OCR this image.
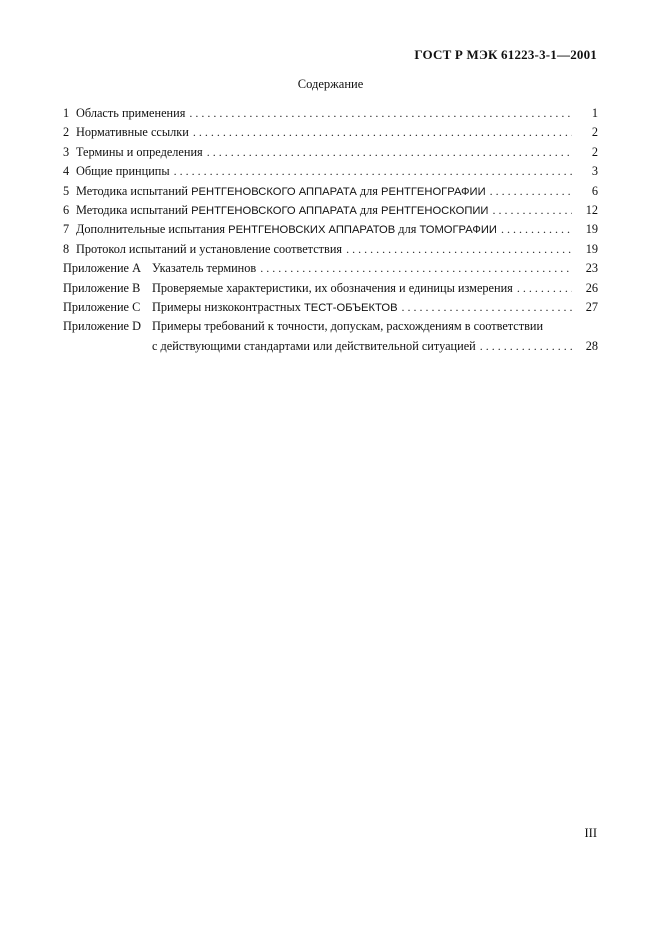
ГОСТ Р МЭК 61223-3-1—2001
Содержание
1 Область применения . . .	1
2 Нормативные ссылки . . .	2
3 Термины и определения . . .	2
4 Общие принципы . . .	3
5 Методика испытаний РЕНТГЕНОВСКОГО АППАРАТА для РЕНТГЕНОГРАФИИ . . .	6
6 Методика испытаний РЕНТГЕНОВСКОГО АППАРАТА для РЕНТГЕНОСКОПИИ . . .	12
7 Дополнительные испытания РЕНТГЕНОВСКИХ АППАРАТОВ для ТОМОГРАФИИ . . .	19
8 Протокол испытаний и установление соответствия . . .	19
Приложение A Указатель терминов . . .	23
Приложение B Проверяемые характеристики, их обозначения и единицы измерения . . .	26
Приложение C Примеры низкоконтрастных ТЕСТ-ОБЪЕКТОВ . . .	27
Приложение D Примеры требований к точности, допускам, расхождениям в соответствии
с действующими стандартами или действительной ситуацией . . .	28
III
